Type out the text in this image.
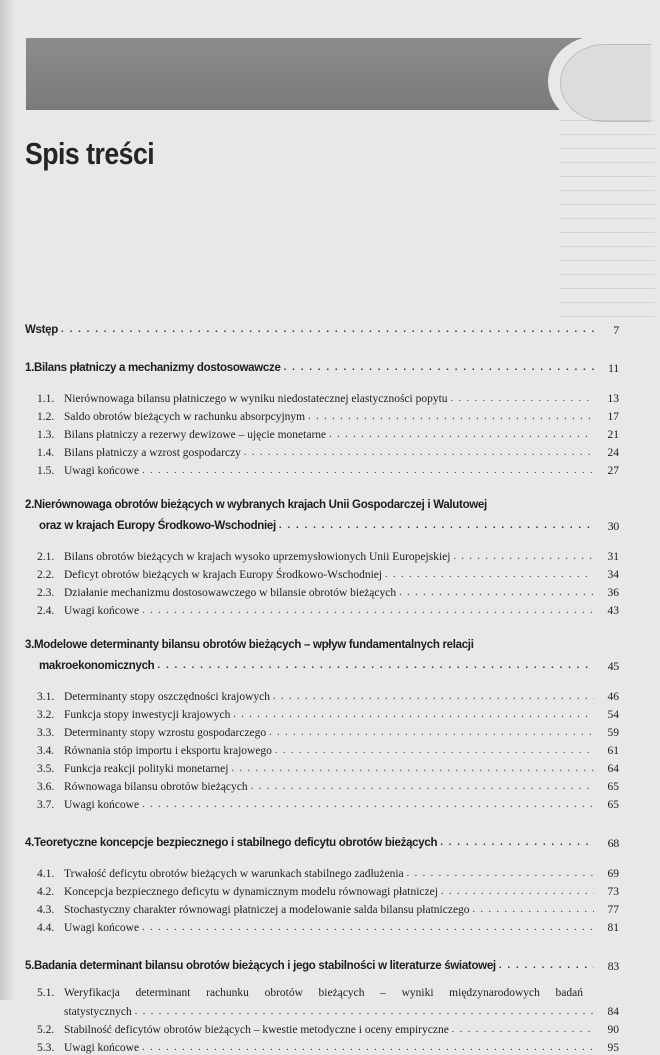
Spis treści
Wstęp . . .	7
1. Bilans płatniczy a mechanizmy dostosowawcze . . .	11
1.1. Nierównowaga bilansu płatniczego w wyniku niedostatecznej elastyczności popytu . . .	13
1.2. Saldo obrotów bieżących w rachunku absorpcyjnym . . .	17
1.3. Bilans płatniczy a rezerwy dewizowe – ujęcie monetarne . . .	21
1.4. Bilans płatniczy a wzrost gospodarczy . . .	24
1.5. Uwagi końcowe . . .	27
2. Nierównowaga obrotów bieżących w wybranych krajach Unii Gospodarczej i Walutowej
oraz w krajach Europy Środkowo-Wschodniej . . .	30
2.1. Bilans obrotów bieżących w krajach wysoko uprzemysłowionych Unii Europejskiej . . .	31
2.2. Deficyt obrotów bieżących w krajach Europy Środkowo-Wschodniej . . .	34
2.3. Działanie mechanizmu dostosowawczego w bilansie obrotów bieżących . . .	36
2.4. Uwagi końcowe . . .	43
3. Modelowe determinanty bilansu obrotów bieżących – wpływ fundamentalnych relacji
makroekonomicznych . . .	45
3.1. Determinanty stopy oszczędności krajowych . . .	46
3.2. Funkcja stopy inwestycji krajowych . . .	54
3.3. Determinanty stopy wzrostu gospodarczego . . .	59
3.4. Równania stóp importu i eksportu krajowego . . .	61
3.5. Funkcja reakcji polityki monetarnej . . .	64
3.6. Równowaga bilansu obrotów bieżących . . .	65
3.7. Uwagi końcowe . . .	65
4. Teoretyczne koncepcje bezpiecznego i stabilnego deficytu obrotów bieżących . . .	68
4.1. Trwałość deficytu obrotów bieżących w warunkach stabilnego zadłużenia . . .	69
4.2. Koncepcja bezpiecznego deficytu w dynamicznym modelu równowagi płatniczej . . .	73
4.3. Stochastyczny charakter równowagi płatniczej a modelowanie salda bilansu płatniczego . . .	77
4.4. Uwagi końcowe . . .	81
5. Badania determinant bilansu obrotów bieżących i jego stabilności w literaturze światowej . . .	83
5.1. Weryfikacja determinant rachunku obrotów bieżących – wyniki międzynarodowych badań
statystycznych . . .	84
5.2. Stabilność deficytów obrotów bieżących – kwestie metodyczne i oceny empiryczne . . .	90
5.3. Uwagi końcowe . . .	95
